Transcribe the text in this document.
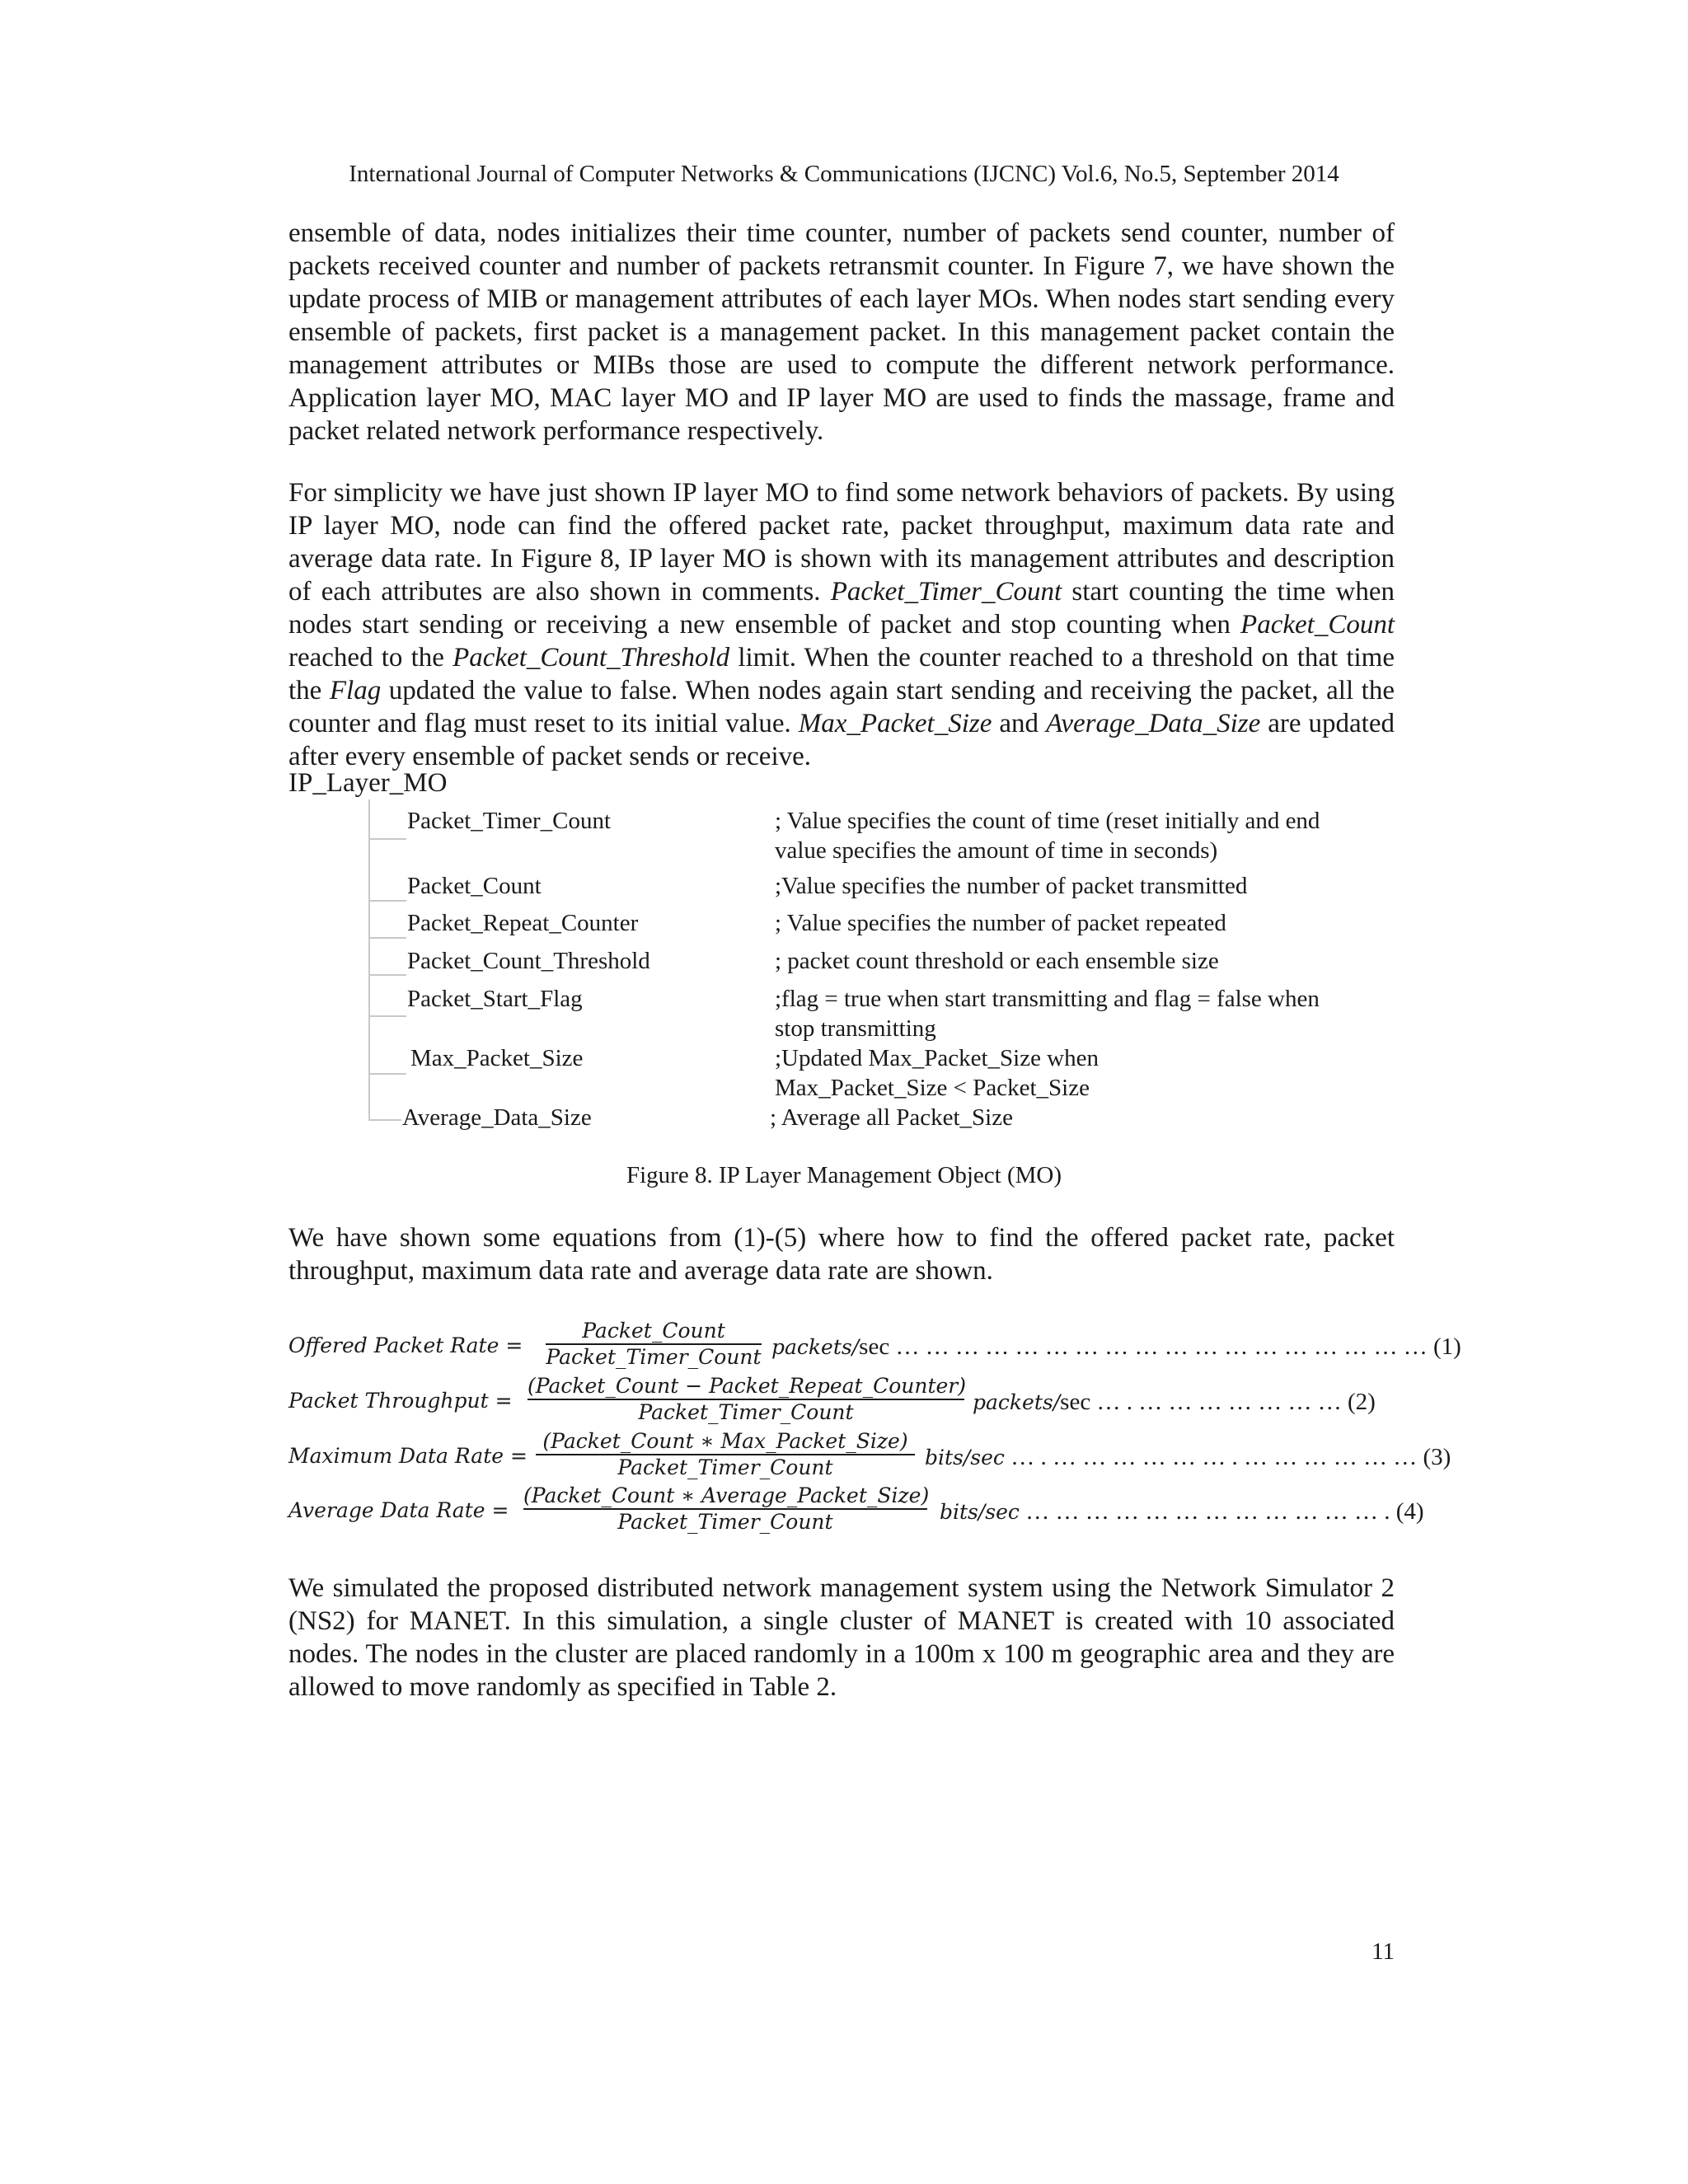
International Journal of Computer Networks & Communications (IJCNC) Vol.6, No.5, September 2014

ensemble of data, nodes initializes their time counter, number of packets send counter, number of packets received counter and number of packets retransmit counter. In Figure 7, we have shown the update process of MIB or management attributes of each layer MOs. When nodes start sending every ensemble of packets, first packet is a management packet. In this management packet contain the management attributes or MIBs those are used to compute the different network performance. Application layer MO, MAC layer MO and IP layer MO are used to finds the massage, frame and packet related network performance respectively.

For simplicity we have just shown IP layer MO to find some network behaviors of packets. By using IP layer MO, node can find the offered packet rate, packet throughput, maximum data rate and average data rate. In Figure 8, IP layer MO is shown with its management attributes and description of each attributes are also shown in comments. Packet_Timer_Count start counting the time when nodes start sending or receiving a new ensemble of packet and stop counting when Packet_Count reached to the Packet_Count_Threshold limit. When the counter reached to a threshold on that time the Flag updated the value to false. When nodes again start sending and receiving the packet, all the counter and flag must reset to its initial value. Max_Packet_Size and Average_Data_Size are updated after every ensemble of packet sends or receive.

IP_Layer_MO
Packet_Timer_Count	; Value specifies the count of time (reset initially and end value specifies the amount of time in seconds)
Packet_Count	;Value specifies the number of packet transmitted
Packet_Repeat_Counter	; Value specifies the number of packet repeated
Packet_Count_Threshold	; packet count threshold or each ensemble size
Packet_Start_Flag	;flag = true when start transmitting and flag = false when stop transmitting
Max_Packet_Size	;Updated Max_Packet_Size when Max_Packet_Size < Packet_Size
Average_Data_Size	; Average all Packet_Size
Figure 8. IP Layer Management Object (MO)

We have shown some equations from (1)-(5) where how to find the offered packet rate, packet throughput, maximum data rate and average data rate are shown.

Offered Packet Rate =
Packet_Count
Packet_Timer_Count packets/sec … … … … … … … … … … … … … … … … … … (1)
Packet Throughput =
(Packet_Count − Packet_Repeat_Counter)
Packet_Timer_Count	packets/sec … . … … … … … … … (2)
Maximum Data Rate =
(Packet_Count ∗ Max_Packet_Size)
Packet_Timer_Count	bits/sec … . … … … … … … . … … … … … … (3)
Average Data Rate =
(Packet_Count ∗ Average_Packet_Size)
Packet_Timer_Count	bits/sec … … … … … … … … … … … … . (4)

We simulated the proposed distributed network management system using the Network Simulator 2 (NS2) for MANET. In this simulation, a single cluster of MANET is created with 10 associated nodes. The nodes in the cluster are placed randomly in a 100m x 100 m geographic area and they are allowed to move randomly as specified in Table 2.

11
